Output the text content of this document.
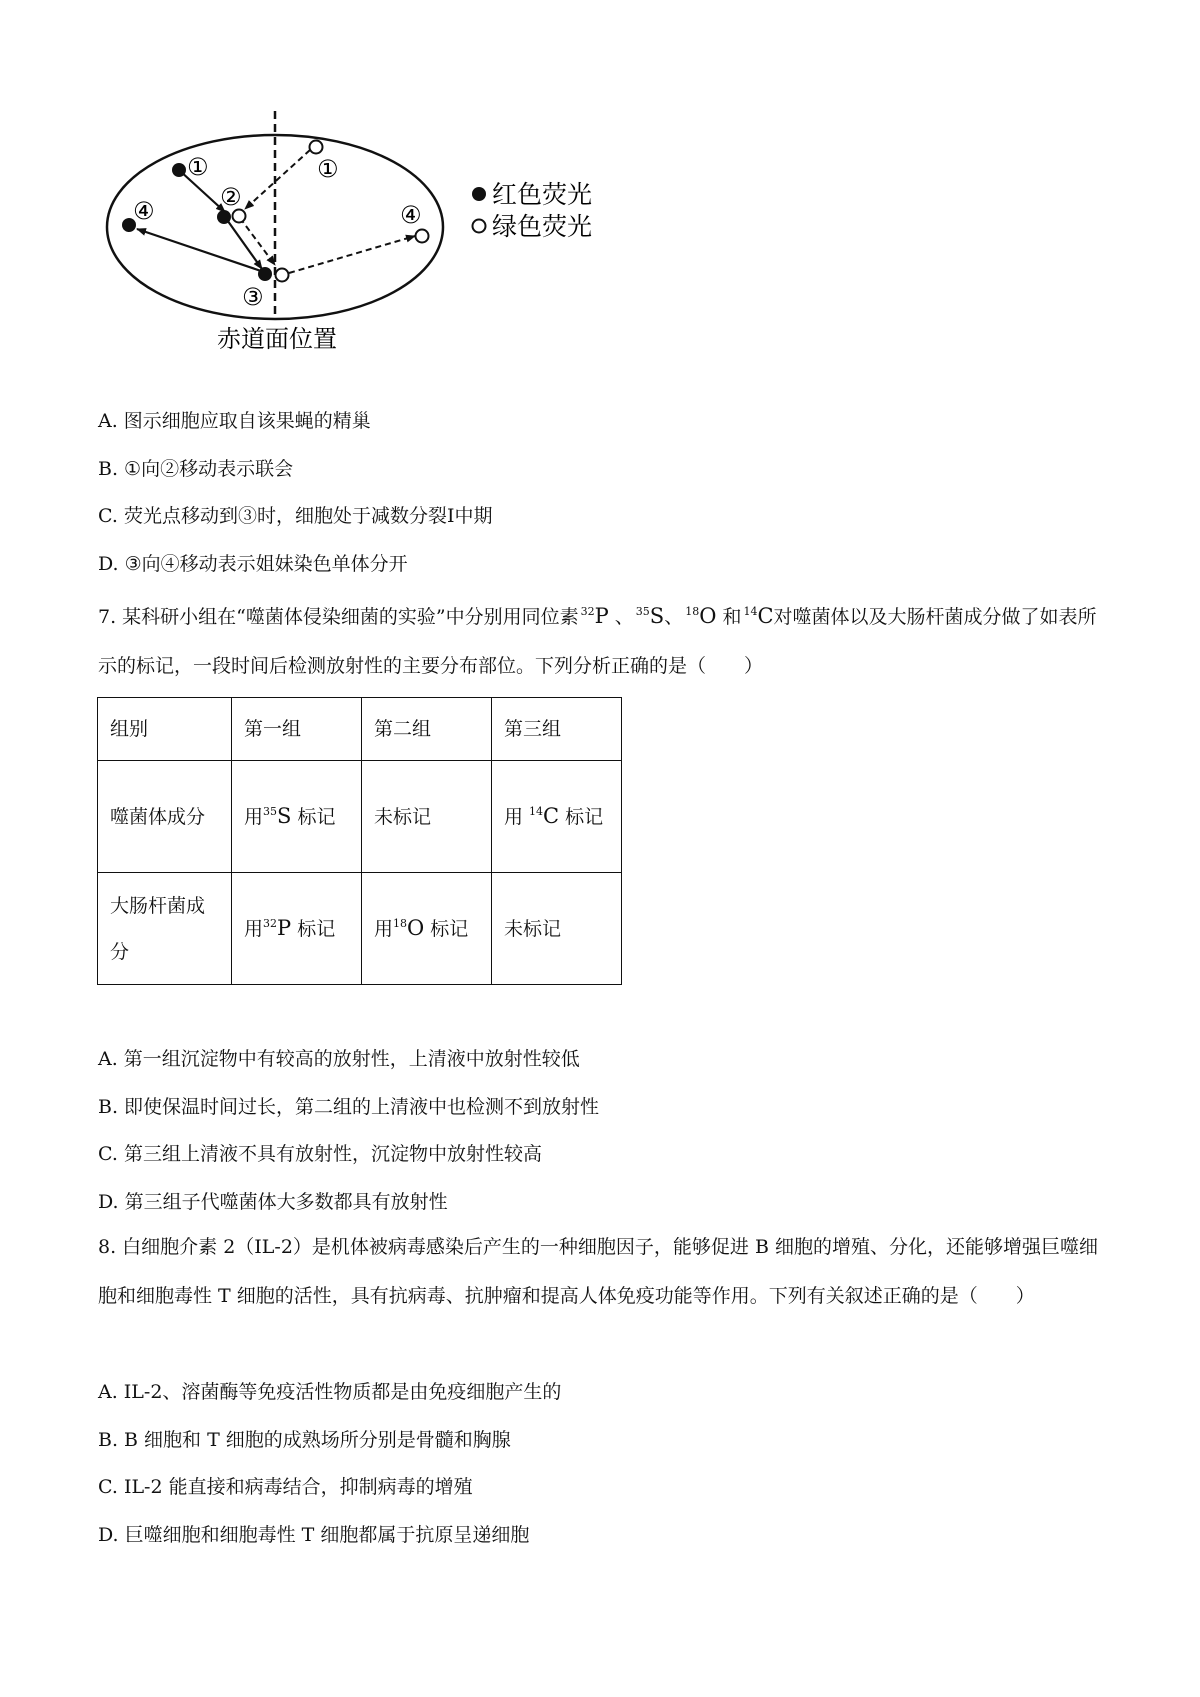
①
②
③
④
①
④
红色荧光
绿色荧光
赤道面位置
A. 图示细胞应取自该果蝇的精巢
B. ①向②移动表示联会
C. 荧光点移动到③时，细胞处于减数分裂I中期
D. ③向④移动表示姐妹染色单体分开
7. 某科研小组在“噬菌体侵染细菌的实验”中分别用同位素 $^{32}$P 、 $^{35}$S、 $^{18}$O 和 $^{14}$C对噬菌体以及大肠杆菌成分做了如表所示的标记，一段时间后检测放射性的主要分布部位。下列分析正确的是（　　）
组别	第一组	第二组	第三组
噬菌体成分	用$^{35}$S 标记	未标记	用 $^{14}$C 标记
大肠杆菌成分	用$^{32}$P 标记	用$^{18}$O 标记	未标记
A. 第一组沉淀物中有较高的放射性，上清液中放射性较低
B. 即使保温时间过长，第二组的上清液中也检测不到放射性
C. 第三组上清液不具有放射性，沉淀物中放射性较高
D. 第三组子代噬菌体大多数都具有放射性
8. 白细胞介素 2（IL-2）是机体被病毒感染后产生的一种细胞因子，能够促进 B 细胞的增殖、分化，还能够增强巨噬细胞和细胞毒性 T 细胞的活性，具有抗病毒、抗肿瘤和提高人体免疫功能等作用。下列有关叙述正确的是（　　）
A. IL-2、溶菌酶等免疫活性物质都是由免疫细胞产生的
B. B 细胞和 T 细胞的成熟场所分别是骨髓和胸腺
C. IL-2 能直接和病毒结合，抑制病毒的增殖
D. 巨噬细胞和细胞毒性 T 细胞都属于抗原呈递细胞
